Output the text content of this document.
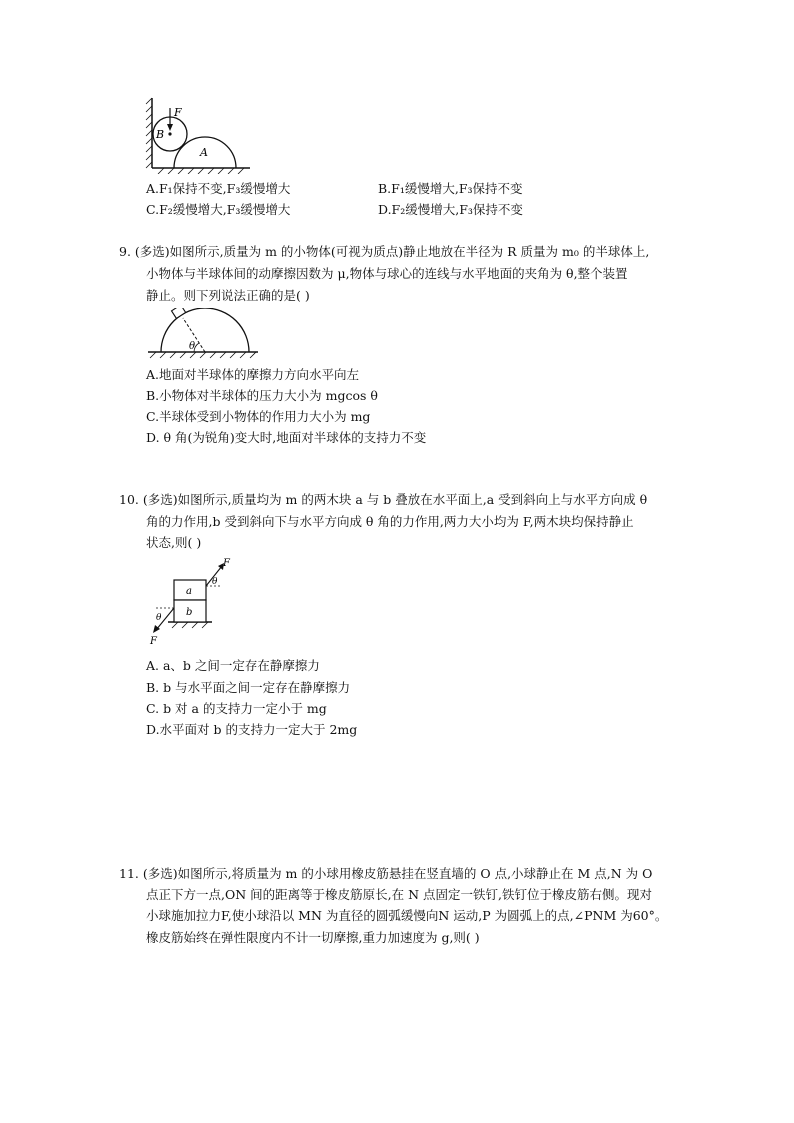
F
B
A
A.F₁保持不变,F₃缓慢增大	B.F₁缓慢增大,F₃保持不变
C.F₂缓慢增大,F₃缓慢增大	D.F₂缓慢增大,F₃保持不变
9. (多选)如图所示,质量为 m 的小物体(可视为质点)静止地放在半径为 R 质量为 m₀ 的半球体上,
小物体与半球体间的动摩擦因数为 μ,物体与球心的连线与水平地面的夹角为 θ,整个装置
静止。则下列说法正确的是( )
θ
A.地面对半球体的摩擦力方向水平向左
B.小物体对半球体的压力大小为 mgcos θ
C.半球体受到小物体的作用力大小为 mg
D. θ 角(为锐角)变大时,地面对半球体的支持力不变
10. (多选)如图所示,质量均为 m 的两木块 a 与 b 叠放在水平面上,a 受到斜向上与水平方向成 θ
角的力作用,b 受到斜向下与水平方向成 θ 角的力作用,两力大小均为 F,两木块均保持静止
状态,则( )
a
b
F
θ
F
θ
A. a、b 之间一定存在静摩擦力
B. b 与水平面之间一定存在静摩擦力
C. b 对 a 的支持力一定小于 mg
D.水平面对 b 的支持力一定大于 2mg
11. (多选)如图所示,将质量为 m 的小球用橡皮筋悬挂在竖直墙的 O 点,小球静止在 M 点,N 为 O
点正下方一点,ON 间的距离等于橡皮筋原长,在 N 点固定一铁钉,铁钉位于橡皮筋右侧。现对
小球施加拉力F,使小球沿以 MN 为直径的圆弧缓慢向N 运动,P 为圆弧上的点,∠PNM 为60°。
橡皮筋始终在弹性限度内不计一切摩擦,重力加速度为 g,则( )
